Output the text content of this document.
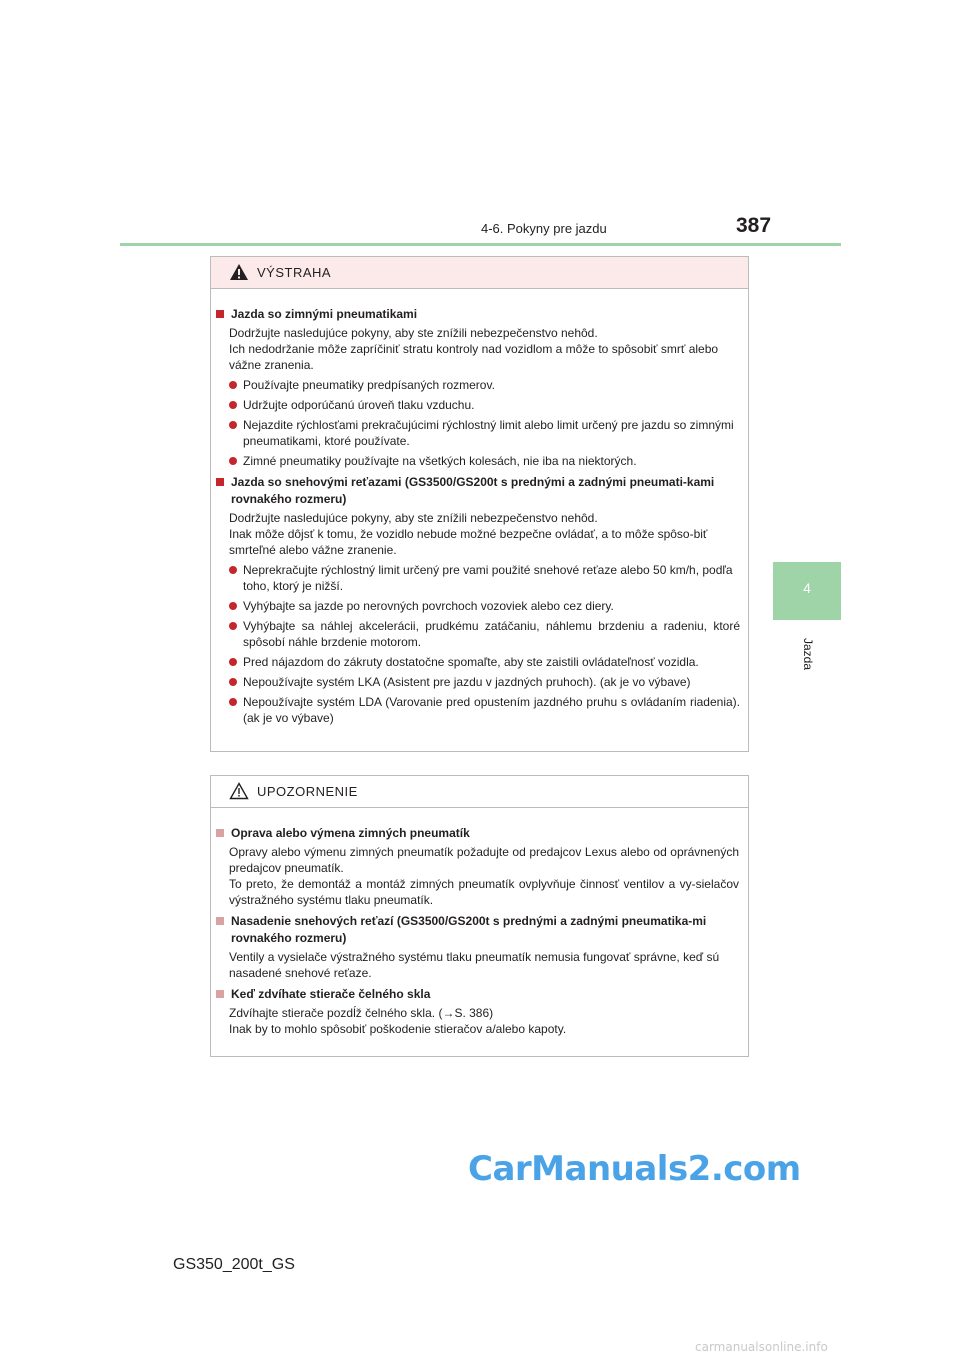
4-6. Pokyny pre jazdu	387
4
Jazda
VÝSTRAHA
Jazda so zimnými pneumatikami
Dodržujte nasledujúce pokyny, aby ste znížili nebezpečenstvo nehôd.
Ich nedodržanie môže zapríčiniť stratu kontroly nad vozidlom a môže to spôsobiť smrť alebo vážne zranenia.
Používajte pneumatiky predpísaných rozmerov.
Udržujte odporúčanú úroveň tlaku vzduchu.
Nejazdite rýchlosťami prekračujúcimi rýchlostný limit alebo limit určený pre jazdu so zimnými pneumatikami, ktoré používate.
Zimné pneumatiky používajte na všetkých kolesách, nie iba na niektorých.
Jazda so snehovými reťazami (GS3500/GS200t s prednými a zadnými pneumati-kami rovnakého rozmeru)
Dodržujte nasledujúce pokyny, aby ste znížili nebezpečenstvo nehôd.
Inak môže dôjsť k tomu, že vozidlo nebude možné bezpečne ovládať, a to môže spôso-biť smrteľné alebo vážne zranenie.
Neprekračujte rýchlostný limit určený pre vami použité snehové reťaze alebo 50 km/h, podľa toho, ktorý je nižší.
Vyhýbajte sa jazde po nerovných povrchoch vozoviek alebo cez diery.
Vyhýbajte sa náhlej akcelerácii, prudkému zatáčaniu, náhlemu brzdeniu a radeniu, ktoré spôsobí náhle brzdenie motorom.
Pred nájazdom do zákruty dostatočne spomaľte, aby ste zaistili ovládateľnosť vozidla.
Nepoužívajte systém LKA (Asistent pre jazdu v jazdných pruhoch). (ak je vo výbave)
Nepoužívajte systém LDA (Varovanie pred opustením jazdného pruhu s ovládaním riadenia). (ak je vo výbave)
UPOZORNENIE
Oprava alebo výmena zimných pneumatík
Opravy alebo výmenu zimných pneumatík požadujte od predajcov Lexus alebo od oprávnených predajcov pneumatík.
To preto, že demontáž a montáž zimných pneumatík ovplyvňuje činnosť ventilov a vy-sielačov výstražného systému tlaku pneumatík.
Nasadenie snehových reťazí (GS3500/GS200t s prednými a zadnými pneumatika-mi rovnakého rozmeru)
Ventily a vysielače výstražného systému tlaku pneumatík nemusia fungovať správne, keď sú nasadené snehové reťaze.
Keď zdvíhate stierače čelného skla
Zdvíhajte stierače pozdĺž čelného skla. (→S. 386)
Inak by to mohlo spôsobiť poškodenie stieračov a/alebo kapoty.
CarManuals2.com
GS350_200t_GS
carmanualsonline.info
